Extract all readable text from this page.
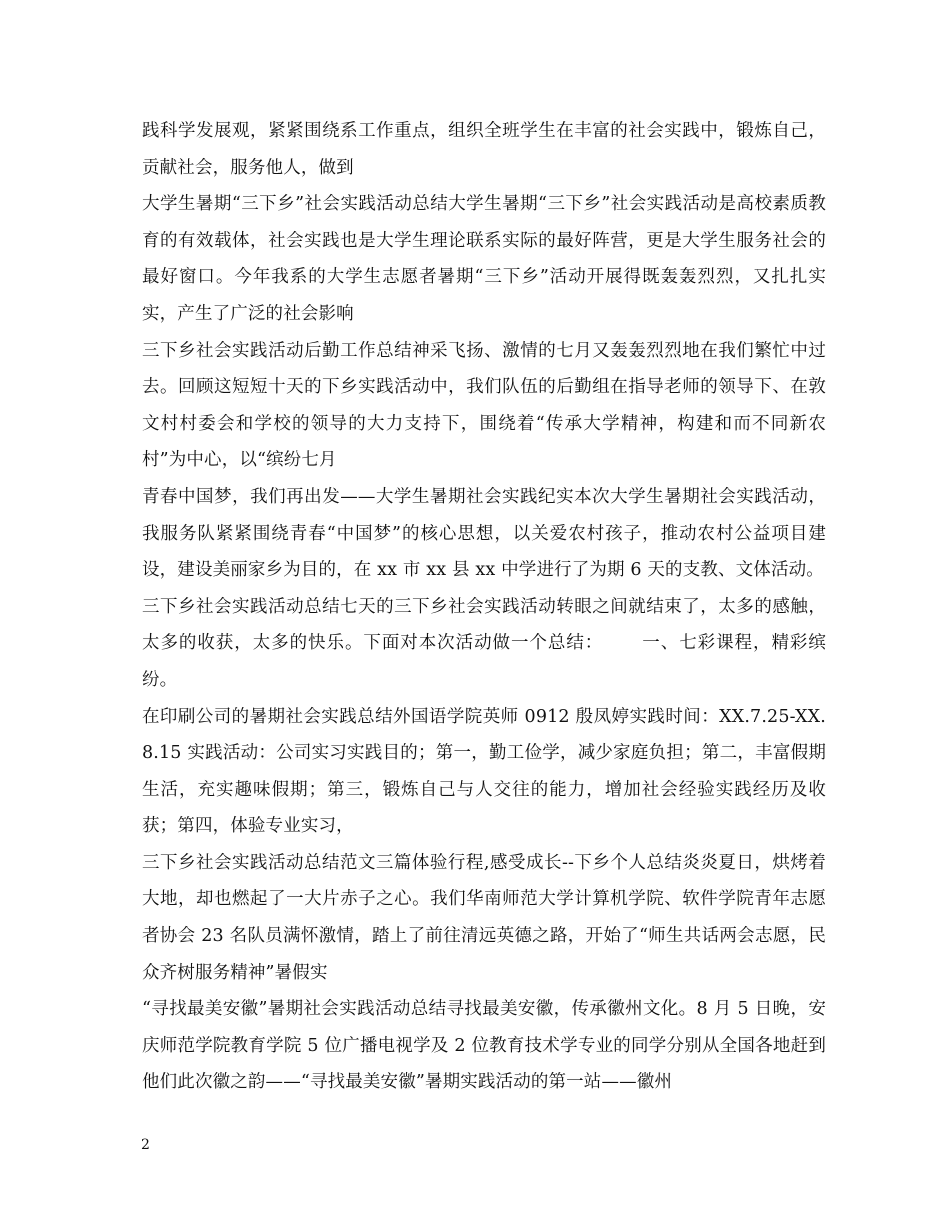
践科学发展观，紧紧围绕系工作重点，组织全班学生在丰富的社会实践中，锻炼自己，贡献社会，服务他人，做到

大学生暑期“三下乡”社会实践活动总结大学生暑期“三下乡”社会实践活动是高校素质教育的有效载体，社会实践也是大学生理论联系实际的最好阵营，更是大学生服务社会的最好窗口。今年我系的大学生志愿者暑期“三下乡”活动开展得既轰轰烈烈，又扎扎实实，产生了广泛的社会影响

三下乡社会实践活动后勤工作总结神采飞扬、激情的七月又轰轰烈烈地在我们繁忙中过去。回顾这短短十天的下乡实践活动中，我们队伍的后勤组在指导老师的领导下、在敦文村村委会和学校的领导的大力支持下，围绕着“传承大学精神，构建和而不同新农村”为中心，以“缤纷七月

青春中国梦，我们再出发——大学生暑期社会实践纪实本次大学生暑期社会实践活动，我服务队紧紧围绕青春“中国梦”的核心思想，以关爱农村孩子，推动农村公益项目建设，建设美丽家乡为目的，在 xx 市 xx 县 xx 中学进行了为期 6 天的支教、文体活动。

三下乡社会实践活动总结七天的三下乡社会实践活动转眼之间就结束了，太多的感触，太多的收获，太多的快乐。下面对本次活动做一个总结：      一、七彩课程，精彩缤纷。

在印刷公司的暑期社会实践总结外国语学院英师 0912 殷凤婷实践时间：XX.7.25-XX.8.15 实践活动：公司实习实践目的；第一，勤工俭学，减少家庭负担；第二，丰富假期生活，充实趣味假期；第三，锻炼自己与人交往的能力，增加社会经验实践经历及收获；第四，体验专业实习，

三下乡社会实践活动总结范文三篇体验行程,感受成长--下乡个人总结炎炎夏日，烘烤着大地，却也燃起了一大片赤子之心。我们华南师范大学计算机学院、软件学院青年志愿者协会 23 名队员满怀激情，踏上了前往清远英德之路，开始了“师生共话两会志愿，民众齐树服务精神”暑假实

“寻找最美安徽”暑期社会实践活动总结寻找最美安徽，传承徽州文化。8 月 5 日晚，安庆师范学院教育学院 5 位广播电视学及 2 位教育技术学专业的同学分别从全国各地赶到他们此次徽之韵——“寻找最美安徽”暑期实践活动的第一站——徽州

2
